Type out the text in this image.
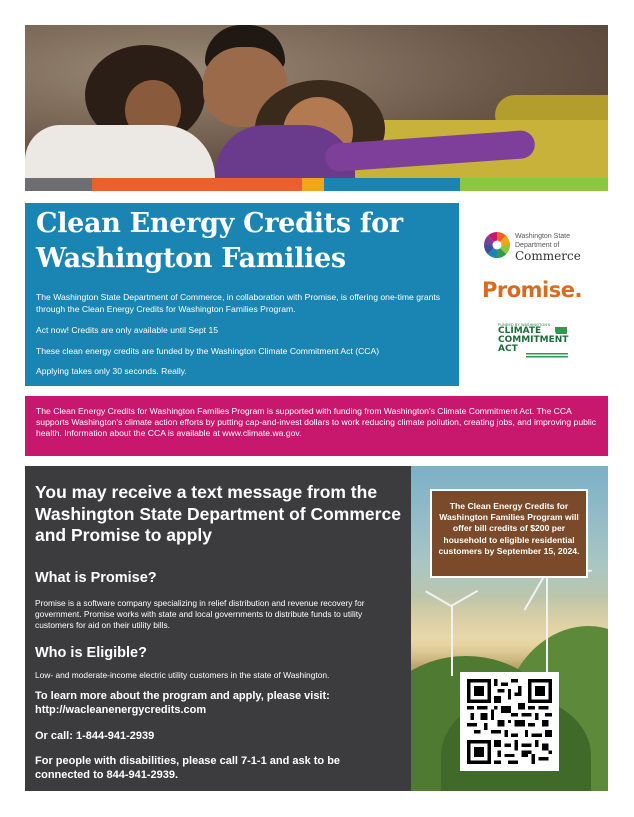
Clean Energy Credits for Washington Families

The Washington State Department of Commerce, in collaboration with Promise, is offering one-time grants through the Clean Energy Credits for Washington Families Program.

Act now! Credits are only available until Sept 15

These clean energy credits are funded by the Washington Climate Commitment Act (CCA)

Applying takes only 30 seconds. Really.

Washington State
Department of
Commerce
Promise.
FUNDED BY WASHINGTON'S
CLIMATE
COMMITMENT
ACT

The Clean Energy Credits for Washington Families Program is supported with funding from Washington's Climate Commitment Act. The CCA supports Washington's climate action efforts by putting cap-and-invest dollars to work reducing climate pollution, creating jobs, and improving public health. Information about the CCA is available at www.climate.wa.gov.

You may receive a text message from the Washington State Department of Commerce and Promise to apply

What is Promise?

Promise is a software company specializing in relief distribution and revenue recovery for government. Promise works with state and local governments to distribute funds to utility customers for aid on their utility bills.

Who is Eligible?

Low- and moderate-income electric utility customers in the state of Washington.

To learn more about the program and apply, please visit: http://wacleanenergycredits.com

Or call: 1-844-941-2939

For people with disabilities, please call 7-1-1 and ask to be connected to 844-941-2939.

The Clean Energy Credits for Washington Families Program will offer bill credits of $200 per household to eligible residential customers by September 15, 2024.
